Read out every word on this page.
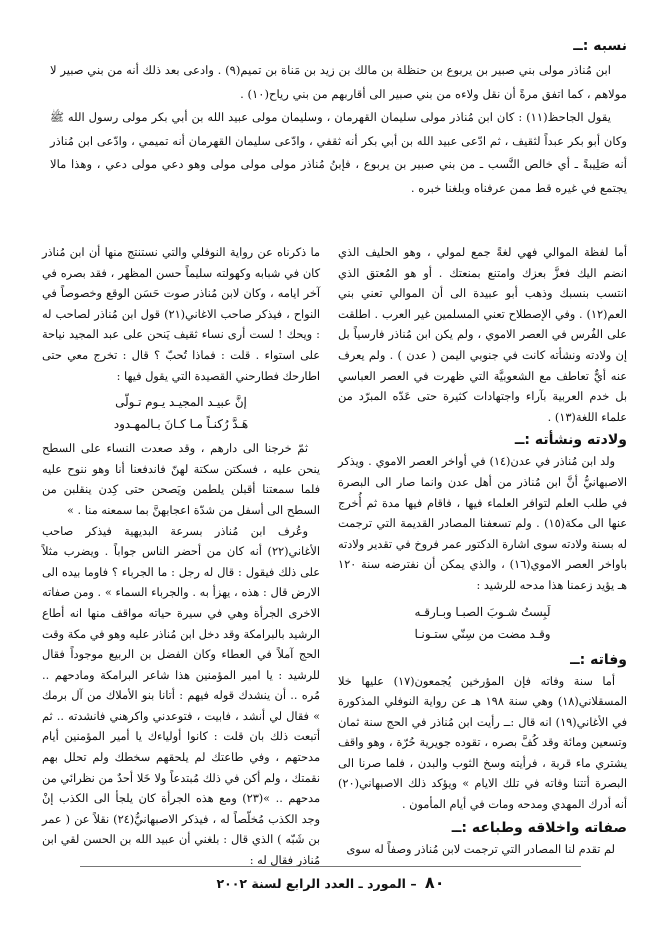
نسبه :ــ

ابن مُناذر مولى بني صبير بن يربوع بن حنظلة بن مالك بن زيد بن مَناة بن تميم(٩) . وادعى بعد ذلك أنه من بني صبير لا مولاهم ، كما اتفق مرةً أن نقل ولاءه من بني صبير الى أقاربهم من بني رياح(١٠) .

يقول الجاحظ(١١) : كان ابن مُناذر مولى سليمان القهرمان ، وسليمان مولى عبيد الله بن أبي بكر مولى رسول الله ﷺ وكان أبو بكر عبداً لثقيف ، ثم ادّعى عبيد الله بن أبي بكر أنه ثقفي ، وادّعى سليمان القهرمان أنه تميمي ، وادّعى ابن مُناذر أنه صَلِيبةً ـ أي خالص النَّسب ـ من بني صبير بن يربوع ، فإبنُ مُناذر مولى مولى مولى وهو دعي مولى دعي ، وهذا مالا يجتمع في غيره قط ممن عرفناه وبلغنا خبره .

أما لفظة الموالي فهي لغةً جمع لمولي ، وهو الحليف الذي انضم اليك فعزَّ بعزك وامتنع بمنعتك . أو هو المُعتق الذي انتسب بنسبك وذهب أبو عبيدة الى أن الموالي تعني بني العم(١٢) . وفي الإصطلاح تعني المسلمين غير العرب . اطلقت على الفُرس في العصر الاموي ، ولم يكن ابن مُناذر فارسياً بل إن ولادته ونشأته كانت في جنوبي اليمن ( عدن ) . ولم يعرف عنه أيٌّ تعاطف مع الشعوبيَّة التي ظهرت في العصر العباسي بل خدم العربية بآراء واجتهادات كثيرة حتى عَدّه المبرّد من علماء اللغة(١٣) .

ولادته ونشأته :ــ

ولد ابن مُناذر في عدن(١٤) في أواخر العصر الاموي . ويذكر الاصبهانيُّ أنَّ ابن مُناذر من أهل عدن وانما صار الى البصرة في طلب العلم لتوافر العلماء فيها ، فاقام فيها مدة ثم أُخرج عنها الى مكة(١٥) . ولم تسعفنا المصادر القديمة التي ترجمت له بسنة ولادته سوى اشارة الدكتور عمر فروخ في تقدير ولادته باواخر العصر الاموي(١٦) ، والذي يمكن أن نفترضه سنة ١٢٠ هـ يؤيد زعمنا هذا مدحه للرشيد :

لَبِستُ شـوبَ الصبـا وبـارقـه
وقـد مضت من سِنّي ستـونـا
وفاته :ــ

أما سنة وفاته فإن المؤرخين يُجمعون(١٧) عليها خلا المسقلاني(١٨) وهي سنة ١٩٨ هـ عن رواية النوفلي المذكورة في الأغاني(١٩) انه قال :ــ رأيت ابن مُناذر في الحج سنة ثمان وتسعين ومائة وقد كُفَّ بصره ، تقوده جويرية حُرّة ، وهو واقف يشتري ماء قربة ، فرأيته وسخ الثوب والبدن ، فلما صرنا الى البصرة أتتنا وفاته في تلك الايام » ويؤكد ذلك الاصبهاني(٢٠) أنه أدرك المهدي ومدحه ومات في أيام المأمون .

صفاته واخلاقه وطباعه :ــ

لم تقدم لنا المصادر التي ترجمت لابن مُناذر وصفاً له سوى

ما ذكرناه عن رواية النوفلي والتي نستنتج منها أن ابن مُناذر كان في شبابه وكهولته سليماً حسن المظهر ، فقد بصره في آخر ايامه ، وكان لابن مُناذر صوت حَسَن الوقع وخصوصاً في النواح ، فيذكر صاحب الاغاني(٢١) قول ابن مُناذر لصاحب له : ويحك ! لست أرى نساء ثقيف يَنحن على عبد المجيد نياحة على استواء . قلت : فماذا تُحبّ ؟ قال : تخرج معي حتى اطارحك فطارحني القصيدة التي يقول فيها :

إنَّ عبيـد المجيـد يـوم تـولّى
هَـدَّ رُكنـاً مـا كـانَ بـالمهـدود

ثمّ خرجنا الى دارهم ، وقد صعدت النساء على السطح ينحن عليه ، فسكتن سكتة لهنّ فاندفعنا أنا وهو ننوح عليه فلما سمعتنا أقبلن يلطمن ويَصحن حتى كِدن ينقلبن من السطح الى أسفل من شدّة اعجابهنَّ بما سمعنه منا . »

وعُرف ابن مُناذر بسرعة البديهية فيذكر صاحب الأغاني(٢٢) أنه كان من أحضر الناس جواباً . ويضرب مثلاً على ذلك فيقول : قال له رجل : ما الجرباء ؟ فاوما بيده الى الارض قال : هذه ، يهزأ به . والجرباء السماء » . ومن صفاته الاخرى الجرأة وهي في سيرة حياته مواقف منها انه أطاع الرشيد بالبرامكة وقد دخل ابن مُناذر عليه وهو في مكة وقت الحج آملاً في العطاء وكان الفضل بن الربيع موجوداً فقال للرشيد : يا امير المؤمنين هذا شاعر البرامكة ومادحهم .. مُره .. أن ينشدك قوله فيهم : أتانا بنو الأملاك من آل برمك » فقال لي أنشد ، فابيت ، فتوعدني واكرهني فانشدته .. ثم أتبعت ذلك بان قلت : كانوا أولياءك يا أمير المؤمنين أيام مدحتهم ، وفي طاعتك لم يلحقهم سخطك ولم تحلل بهم نقمتك ، ولم أكن في ذلك مُبتدعاً ولا خَلا أحدٌ من نظرائي من مدحهم .. »(٢٣) ومع هذه الجرأة كان يلجأ الى الكذب إنْ وجد الكذب مُخلّصاً له ، فيذكر الاصبهانيُّ(٢٤) نقلاً عن ( عمر بن شَبّه ) الذي قال : بلغني أن عبيد الله بن الحسن لقي ابن مُناذر فقال له :

٨٠ – المورد ـ العدد الرابع لسنة ٢٠٠٢
